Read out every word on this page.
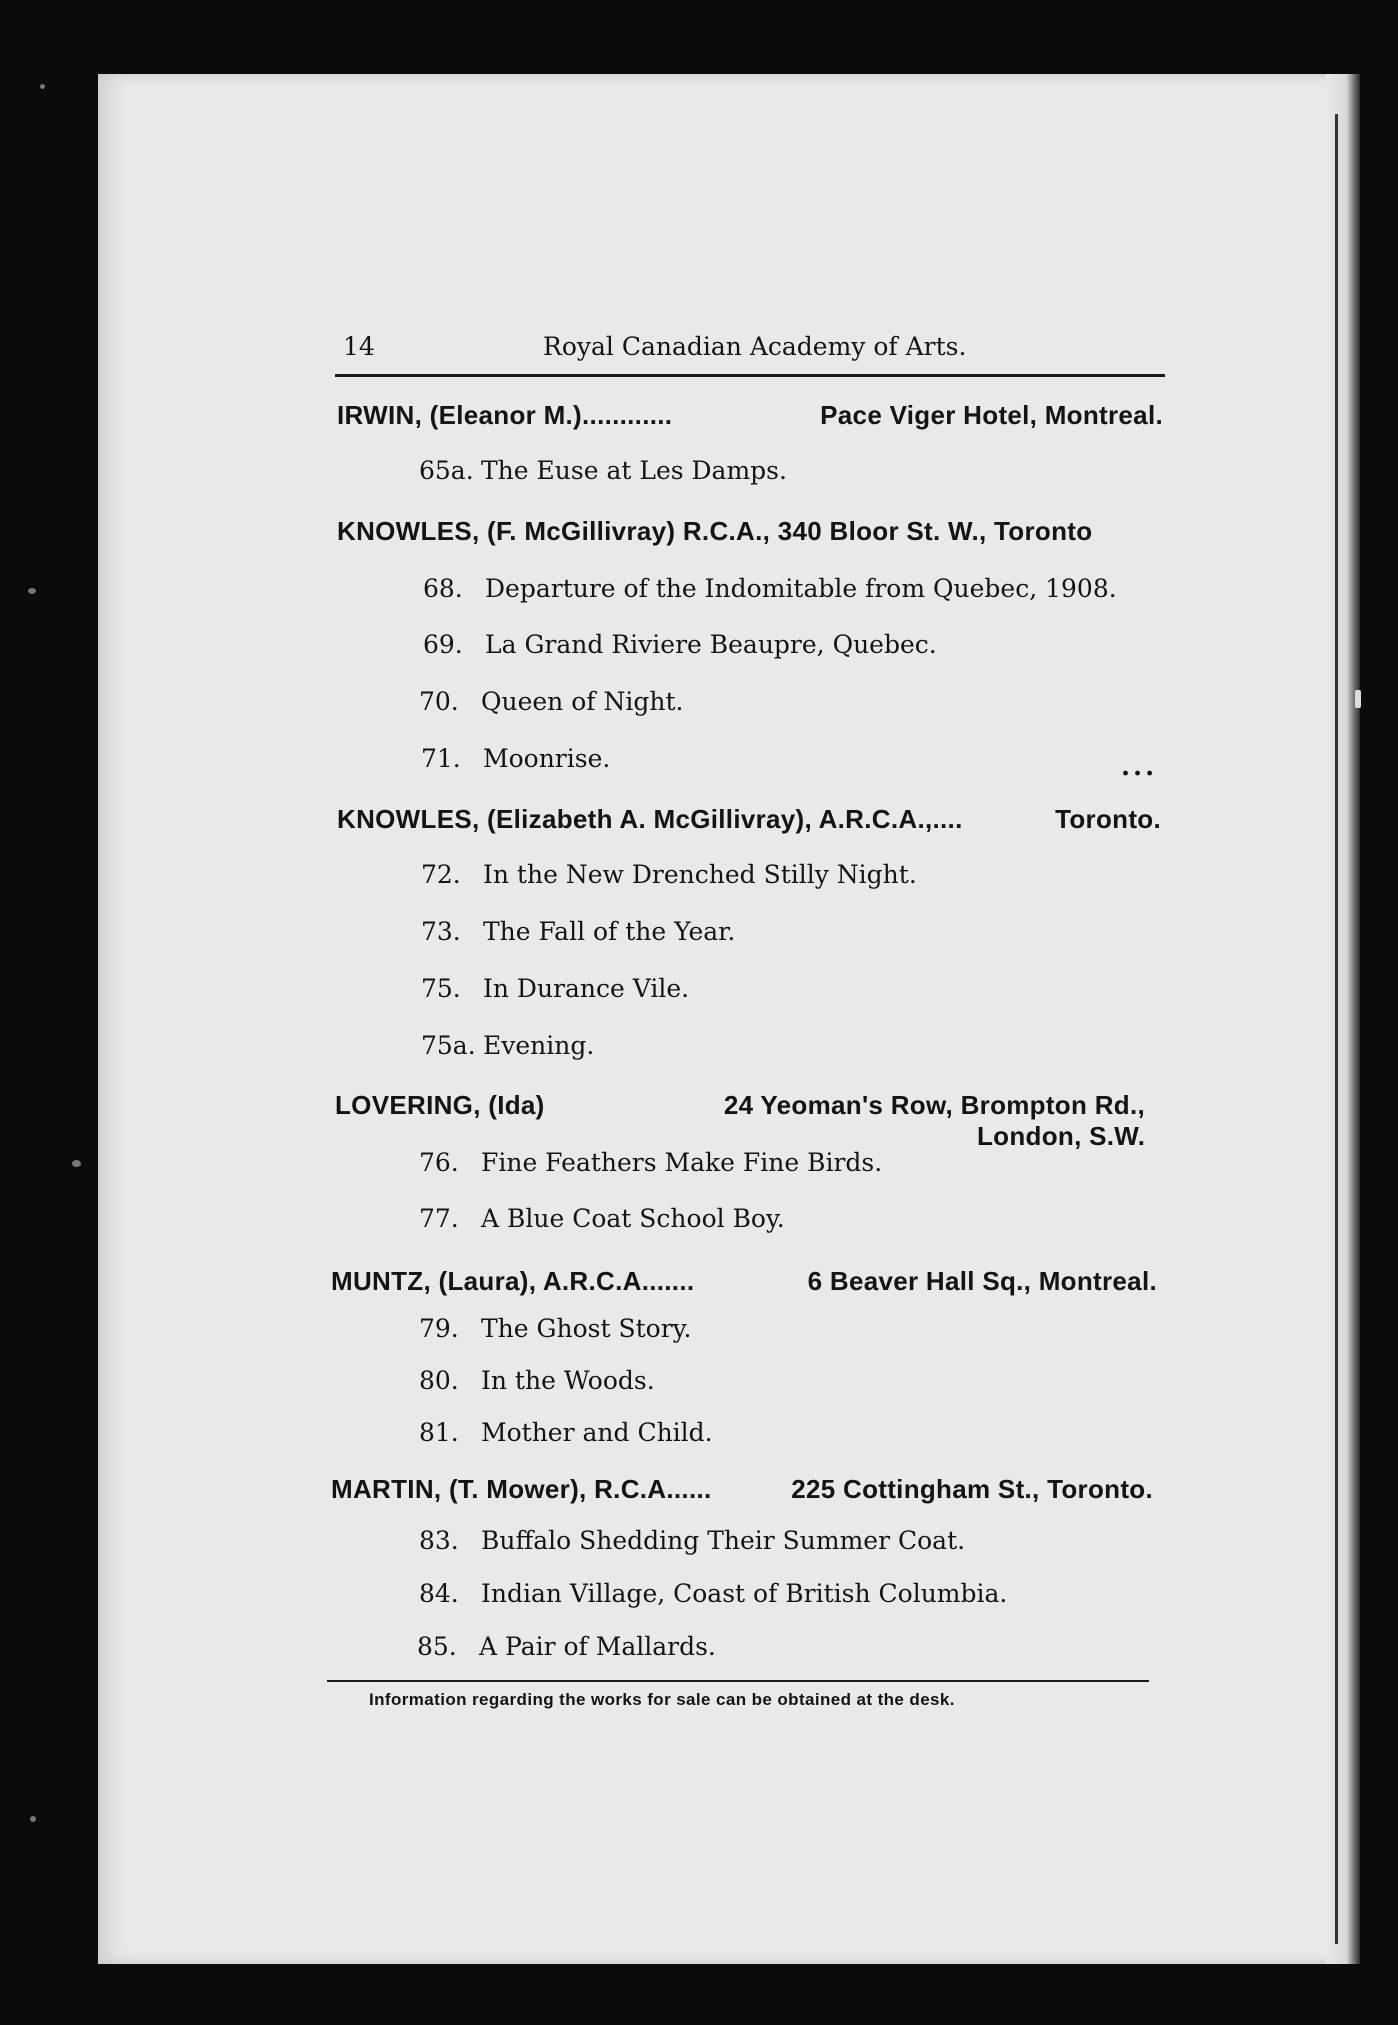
14	Royal Canadian Academy of Arts.
IRWIN, (Eleanor M.)............	Pace Viger Hotel, Montreal.
65a. The Euse at Les Damps.
KNOWLES, (F. McGillivray) R.C.A., 340 Bloor St. W., Toronto
68. Departure of the Indomitable from Quebec, 1908.
69. La Grand Riviere Beaupre, Quebec.
70. Queen of Night.
71. Moonrise.	...
KNOWLES, (Elizabeth A. McGillivray), A.R.C.A.,....	Toronto.
72. In the New Drenched Stilly Night.
73. The Fall of the Year.
75. In Durance Vile.
75a. Evening.
LOVERING, (Ida)	24 Yeoman's Row, Brompton Rd.,
London, S.W.
76. Fine Feathers Make Fine Birds.
77. A Blue Coat School Boy.
MUNTZ, (Laura), A.R.C.A.......	6 Beaver Hall Sq., Montreal.
79. The Ghost Story.
80. In the Woods.
81. Mother and Child.
MARTIN, (T. Mower), R.C.A......	225 Cottingham St., Toronto.
83. Buffalo Shedding Their Summer Coat.
84. Indian Village, Coast of British Columbia.
85. A Pair of Mallards.
Information regarding the works for sale can be obtained at the desk.
